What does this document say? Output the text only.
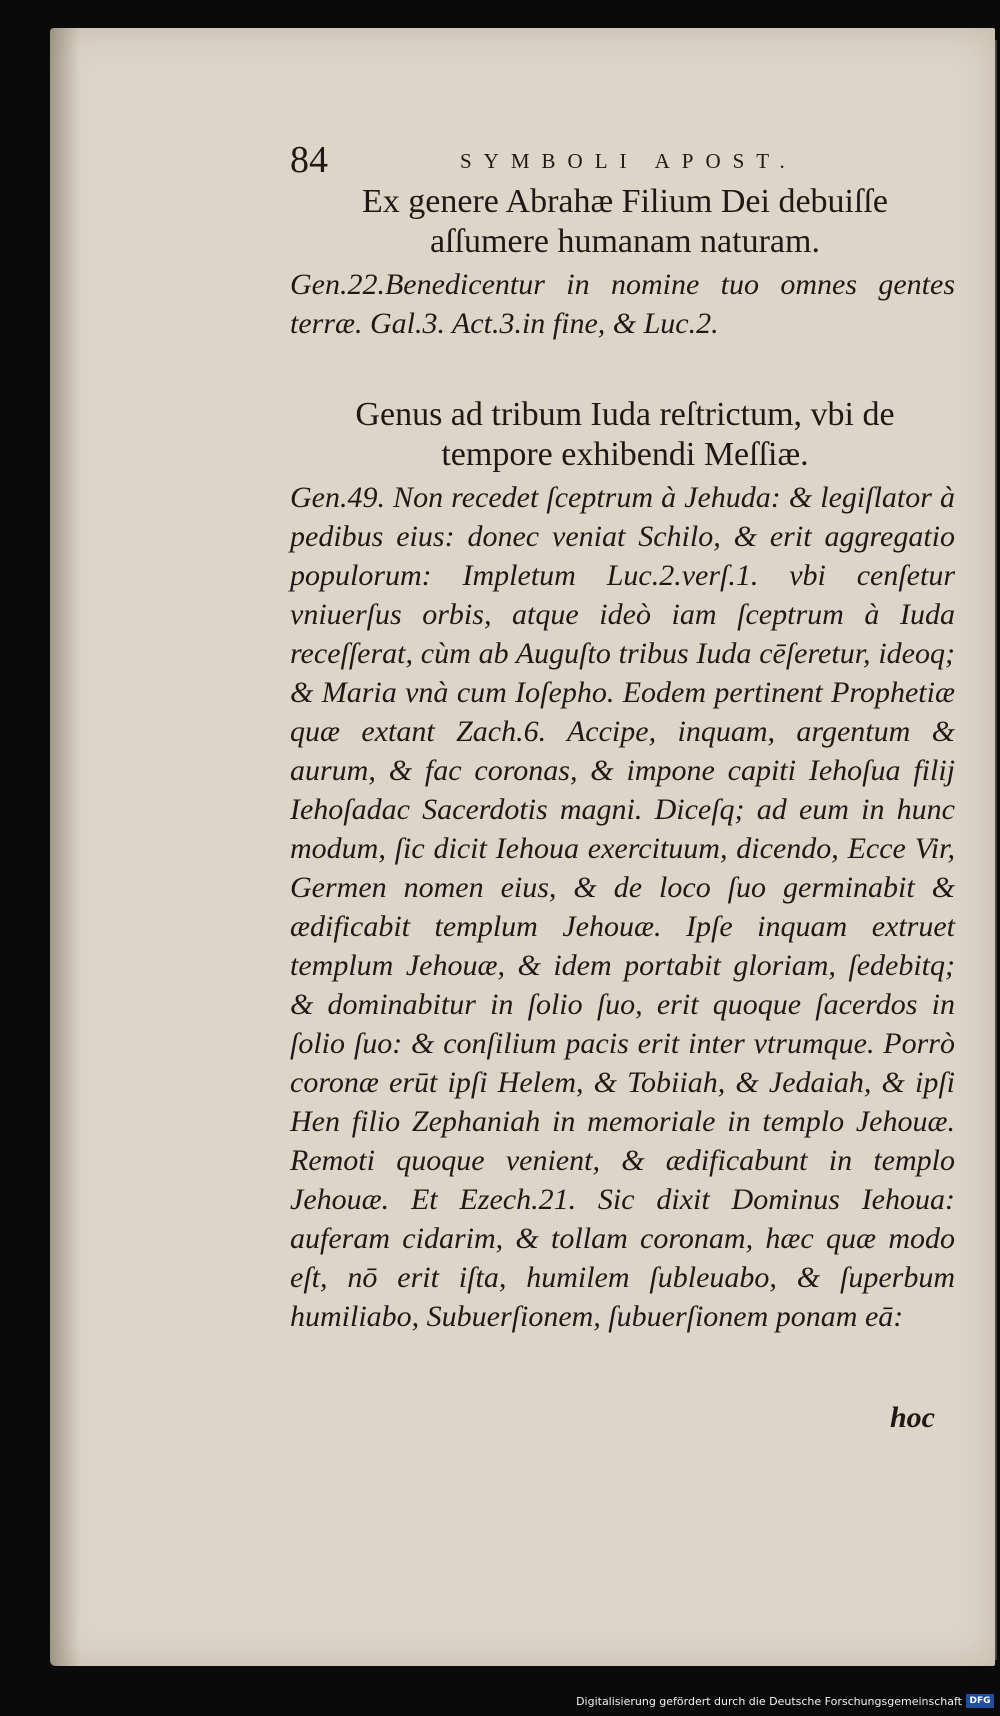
84	SYMBOLI APOST.

Ex genere Abrahæ Filium Dei debuiſſe aſſumere humanam naturam.

Gen.22.Benedicentur in nomine tuo omnes gentes terræ. Gal.3. Act.3.in fine, & Luc.2.

Genus ad tribum Iuda reſtrictum, vbi de tempore exhibendi Meſſiæ.

Gen.49. Non recedet ſceptrum à Jehuda: & legiſlator à pedibus eius: donec veniat Schilo, & erit aggregatio populorum: Impletum Luc.2.verſ.1. vbi cenſetur vniuerſus orbis, atque ideò iam ſceptrum à Iuda receſſerat, cùm ab Auguſto tribus Iuda cēſeretur, ideoq; & Maria vnà cum Ioſepho. Eodem pertinent Prophetiæ quæ extant Zach.6. Accipe, inquam, argentum & aurum, & fac coronas, & impone capiti Iehoſua filij Iehoſadac Sacerdotis magni. Diceſq; ad eum in hunc modum, ſic dicit Iehoua exercituum, dicendo, Ecce Vir, Germen nomen eius, & de loco ſuo germinabit & ædificabit templum Jehouæ. Ipſe inquam extruet templum Jehouæ, & idem portabit gloriam, ſedebitq; & dominabitur in ſolio ſuo, erit quoque ſacerdos in ſolio ſuo: & conſilium pacis erit inter vtrumque. Porrò coronæ erūt ipſi Helem, & Tobiiah, & Jedaiah, & ipſi Hen filio Zephaniah in memoriale in templo Jehouæ. Remoti quoque venient, & ædificabunt in templo Jehouæ. Et Ezech.21. Sic dixit Dominus Iehoua: auferam cidarim, & tollam coronam, hæc quæ modo eſt, nō erit iſta, humilem ſubleuabo, & ſuperbum humiliabo, Subuerſionem, ſubuerſionem ponam eā:

hoc
Digitalisierung gefördert durch die Deutsche Forschungsgemeinschaft DFG
